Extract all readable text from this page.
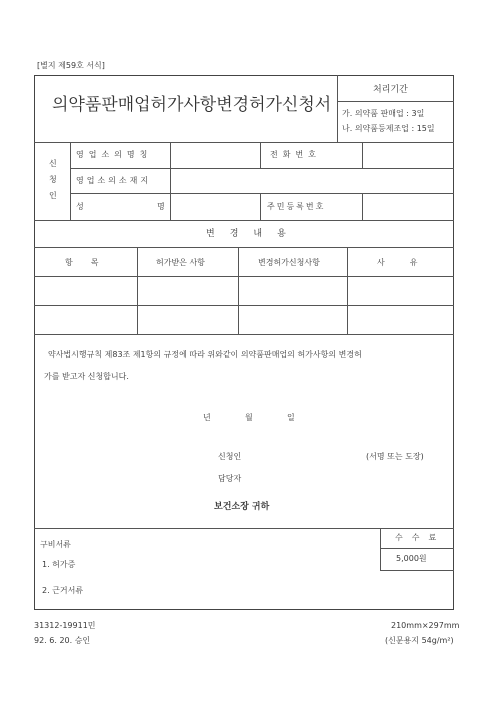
[별지 제59호 서식]
의약품판매업허가사항변경허가신청서
처리기간
가. 의약품 판매업 : 3일
나. 의약품등제조업 : 15일
신
청
인
영업소의명칭	전화번호
영업소의소재지
성	명	주민등록번호
변경내용
항목	허가받은 사항	변경허가신청사항	사유
약사법시행규칙 제83조 제1항의 규정에 따라 위와같이 의약품판매업의 허가사항의 변경허
가를 받고자 신청합니다.
년	월	일
신청인	(서명 또는 도장)
담당자
보건소장 귀하
수수료
5,000원
구비서류
1. 허가증
2. 근거서류
31312-19911민
92. 6. 20. 승인
210mm×297mm
(신문용지 54g/m²)
